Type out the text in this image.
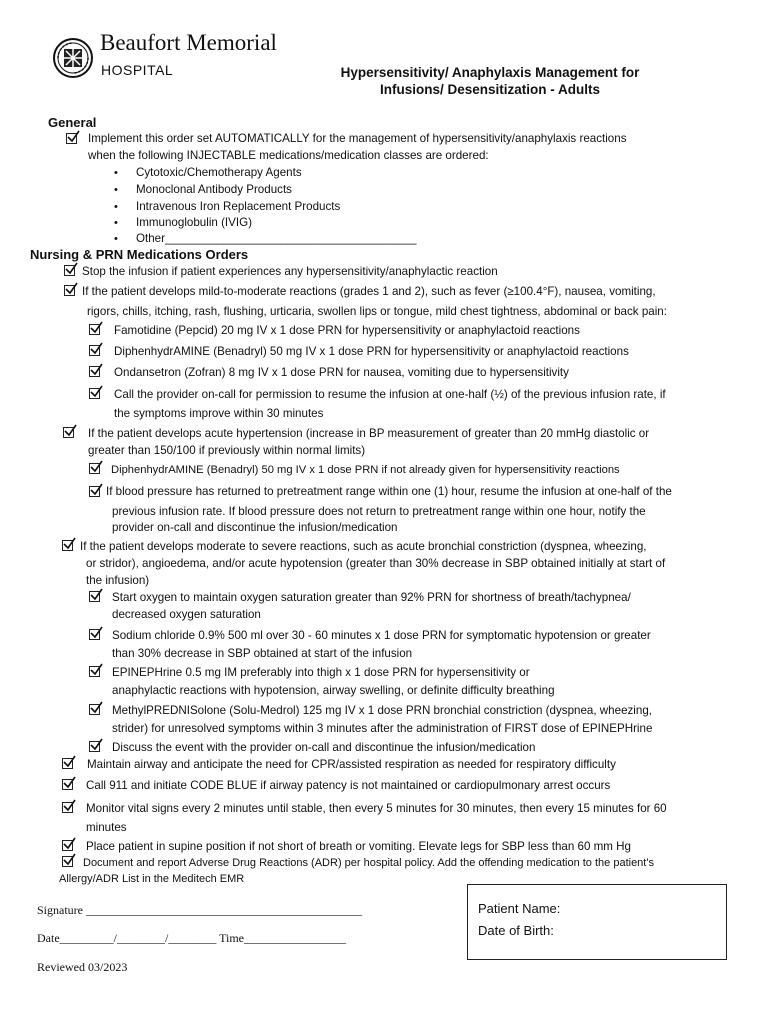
Beaufort Memorial
HOSPITAL	Hypersensitivity/ Anaphylaxis Management for
Infusions/ Desensitization - Adults
General
Implement this order set AUTOMATICALLY for the management of hypersensitivity/anaphylaxis reactions
when the following INJECTABLE medications/medication classes are ordered:
• Cytotoxic/Chemotherapy Agents
• Monoclonal Antibody Products
• Intravenous Iron Replacement Products
• Immunoglobulin (IVIG)
• Other_______________________________________
Nursing & PRN Medications Orders
Stop the infusion if patient experiences any hypersensitivity/anaphylactic reaction
If the patient develops mild-to-moderate reactions (grades 1 and 2), such as fever (≥100.4°F), nausea, vomiting,
rigors, chills, itching, rash, flushing, urticaria, swollen lips or tongue, mild chest tightness, abdominal or back pain:
Famotidine (Pepcid) 20 mg IV x 1 dose PRN for hypersensitivity or anaphylactoid reactions
DiphenhydrAMINE (Benadryl) 50 mg IV x 1 dose PRN for hypersensitivity or anaphylactoid reactions
Ondansetron (Zofran) 8 mg IV x 1 dose PRN for nausea, vomiting due to hypersensitivity
Call the provider on-call for permission to resume the infusion at one-half (½) of the previous infusion rate, if
the symptoms improve within 30 minutes
If the patient develops acute hypertension (increase in BP measurement of greater than 20 mmHg diastolic or
greater than 150/100 if previously within normal limits)
DiphenhydrAMINE (Benadryl) 50 mg IV x 1 dose PRN if not already given for hypersensitivity reactions
If blood pressure has returned to pretreatment range within one (1) hour, resume the infusion at one-half of the
previous infusion rate. If blood pressure does not return to pretreatment range within one hour, notify the
provider on-call and discontinue the infusion/medication
If the patient develops moderate to severe reactions, such as acute bronchial constriction (dyspnea, wheezing,
or stridor), angioedema, and/or acute hypotension (greater than 30% decrease in SBP obtained initially at start of
the infusion)
Start oxygen to maintain oxygen saturation greater than 92% PRN for shortness of breath/tachypnea/
decreased oxygen saturation
Sodium chloride 0.9% 500 ml over 30 - 60 minutes x 1 dose PRN for symptomatic hypotension or greater
than 30% decrease in SBP obtained at start of the infusion
EPINEPHrine 0.5 mg IM preferably into thigh x 1 dose PRN for hypersensitivity or
anaphylactic reactions with hypotension, airway swelling, or definite difficulty breathing
MethylPREDNISolone (Solu-Medrol) 125 mg IV x 1 dose PRN bronchial constriction (dyspnea, wheezing,
strider) for unresolved symptoms within 3 minutes after the administration of FIRST dose of EPINEPHrine
Discuss the event with the provider on-call and discontinue the infusion/medication
Maintain airway and anticipate the need for CPR/assisted respiration as needed for respiratory difficulty
Call 911 and initiate CODE BLUE if airway patency is not maintained or cardiopulmonary arrest occurs
Monitor vital signs every 2 minutes until stable, then every 5 minutes for 30 minutes, then every 15 minutes for 60
minutes
Place patient in supine position if not short of breath or vomiting. Elevate legs for SBP less than 60 mm Hg
Document and report Adverse Drug Reactions (ADR) per hospital policy. Add the offending medication to the patient's
Allergy/ADR List in the Meditech EMR
Signature ______________________________________________
Date_________/________/________ Time_________________
Reviewed 03/2023
Patient Name:
Date of Birth:
